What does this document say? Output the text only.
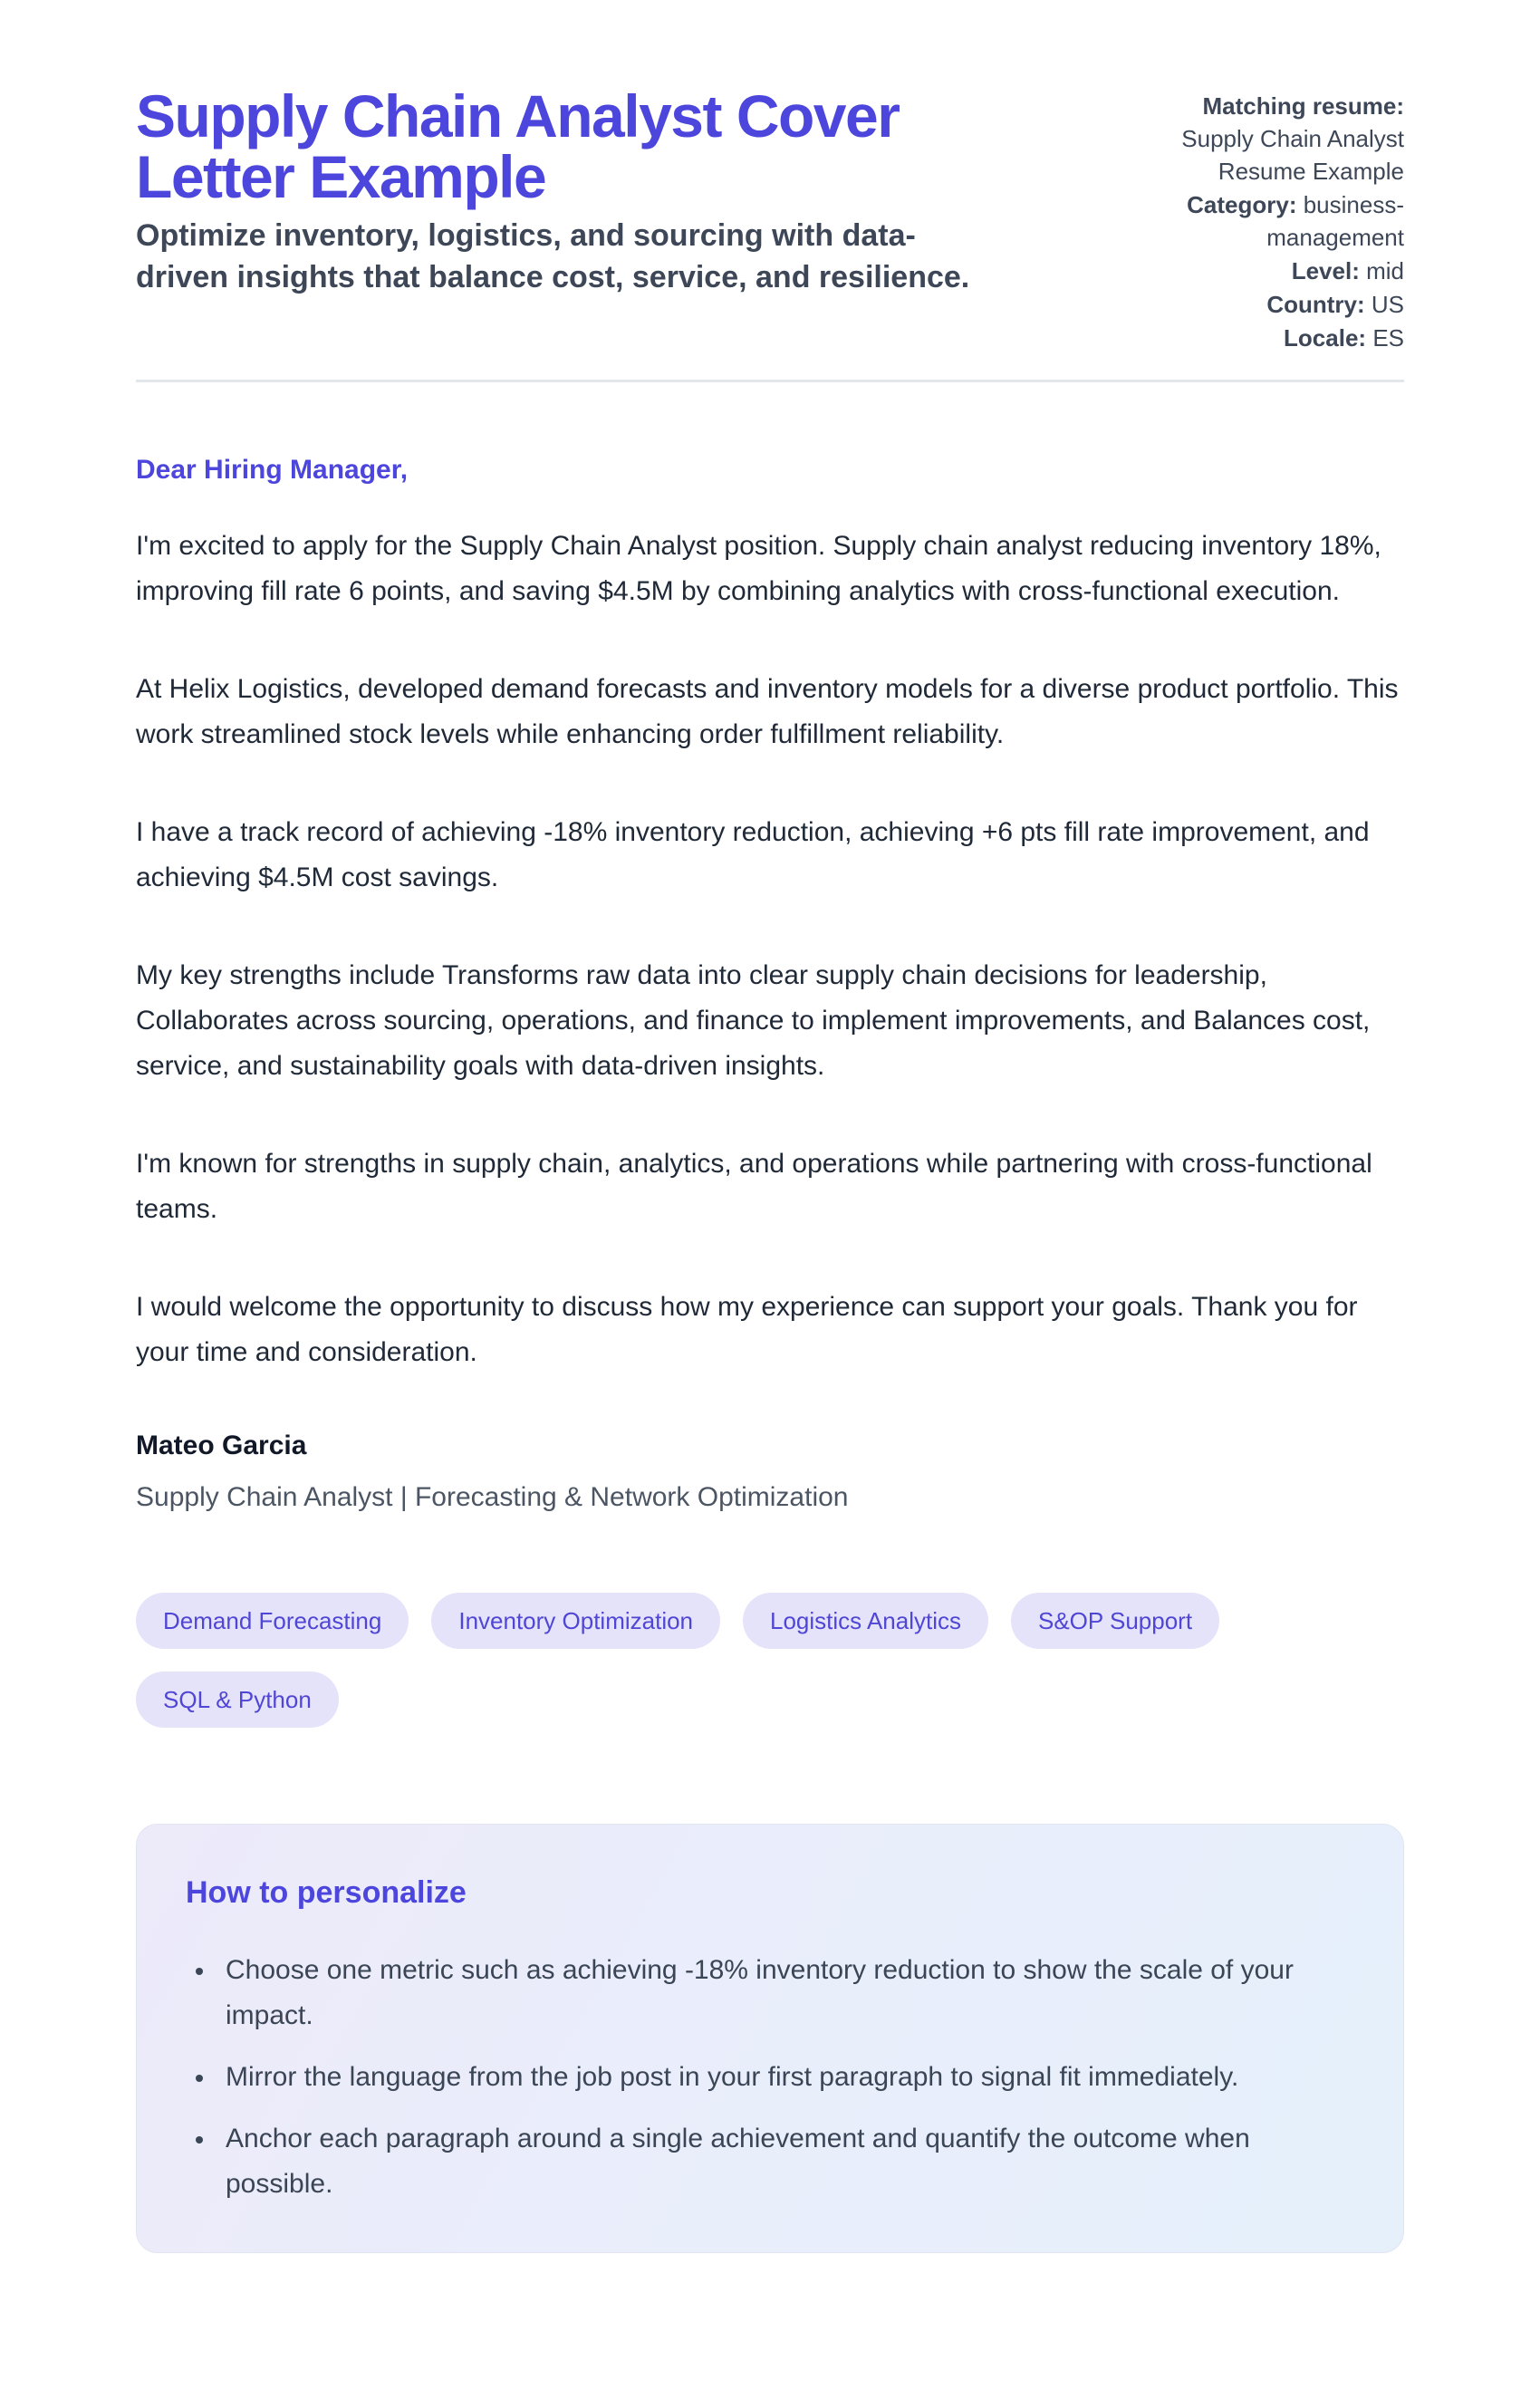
Supply Chain Analyst Cover Letter Example

Optimize inventory, logistics, and sourcing with data-driven insights that balance cost, service, and resilience.

Matching resume: Supply Chain Analyst Resume Example
Category: business-management
Level: mid
Country: US
Locale: ES

Dear Hiring Manager,

I'm excited to apply for the Supply Chain Analyst position. Supply chain analyst reducing inventory 18%, improving fill rate 6 points, and saving $4.5M by combining analytics with cross-functional execution.

At Helix Logistics, developed demand forecasts and inventory models for a diverse product portfolio. This work streamlined stock levels while enhancing order fulfillment reliability.

I have a track record of achieving -18% inventory reduction, achieving +6 pts fill rate improvement, and achieving $4.5M cost savings.

My key strengths include Transforms raw data into clear supply chain decisions for leadership, Collaborates across sourcing, operations, and finance to implement improvements, and Balances cost, service, and sustainability goals with data-driven insights.

I'm known for strengths in supply chain, analytics, and operations while partnering with cross-functional teams.

I would welcome the opportunity to discuss how my experience can support your goals. Thank you for your time and consideration.

Mateo Garcia
Supply Chain Analyst | Forecasting & Network Optimization
Demand Forecasting	Inventory Optimization	Logistics Analytics	S&OP Support
SQL & Python
How to personalize
• Choose one metric such as achieving -18% inventory reduction to show the scale of your impact.
• Mirror the language from the job post in your first paragraph to signal fit immediately.
• Anchor each paragraph around a single achievement and quantify the outcome when possible.
